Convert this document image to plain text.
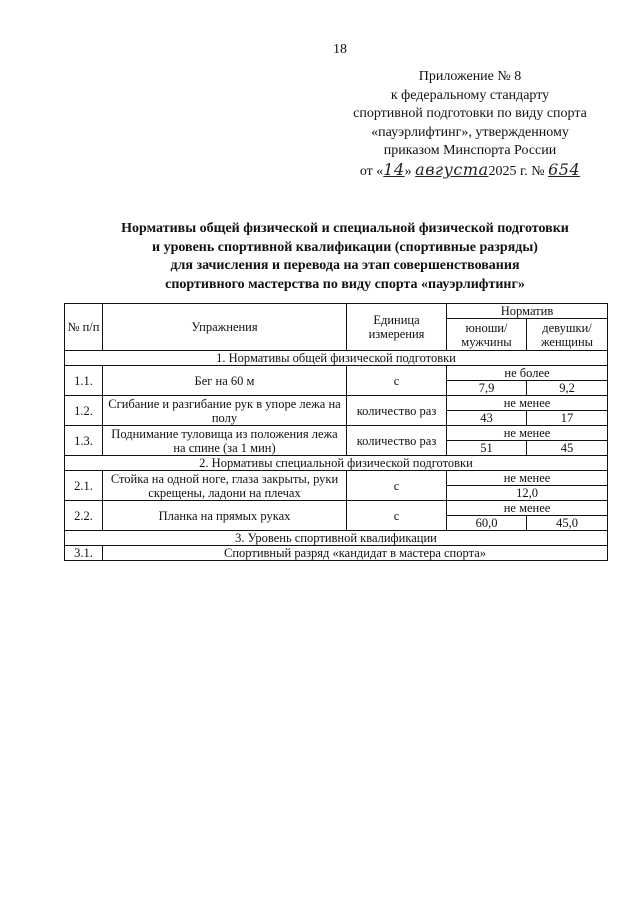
18
Приложение № 8
к федеральному стандарту
спортивной подготовки по виду спорта
«пауэрлифтинг», утвержденному
приказом Минспорта России
от «14» августа2025 г. № 654
Нормативы общей физической и специальной физической подготовки
и уровень спортивной квалификации (спортивные разряды)
для зачисления и перевода на этап совершенствования
спортивного мастерства по виду спорта «пауэрлифтинг»
№ п/п	Упражнения	Единица измерения	Норматив	
			юноши/ мужчины	девушки/ женщины
1. Нормативы общей физической подготовки				
1.1.	Бег на 60 м	с	не более	
			7,9	9,2
1.2.	Сгибание и разгибание рук в упоре лежа на полу	количество раз	не менее	
			43	17
1.3.	Поднимание туловища из положения лежа на спине (за 1 мин)	количество раз	не менее	
			51	45
2. Нормативы специальной физической подготовки				
2.1.	Стойка на одной ноге, глаза закрыты, руки скрещены, ладони на плечах	с	не менее	
			12,0	
2.2.	Планка на прямых руках	с	не менее	
			60,0	45,0
3. Уровень спортивной квалификации				
3.1.	Спортивный разряд «кандидат в мастера спорта»			
